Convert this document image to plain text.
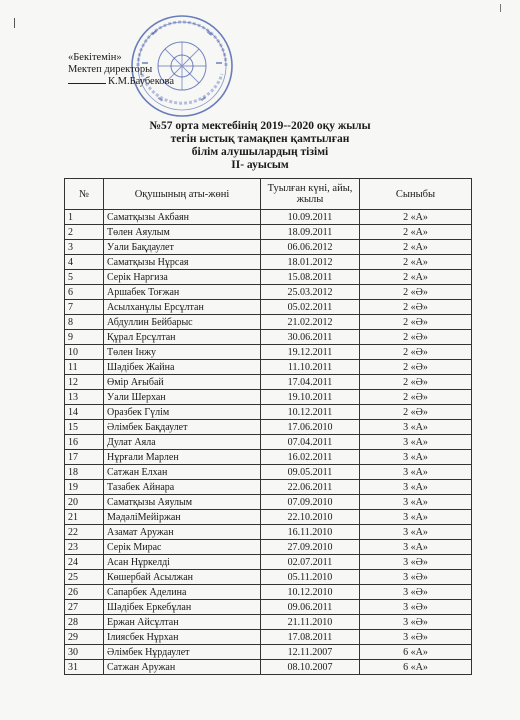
«Бекітемін»
Мектеп директоры
К.М.Баубекова
№57 орта мектебінің 2019--2020 оқу жылы
тегін ыстық тамақпен қамтылған
білім алушылардың тізімі
ІІ- ауысым
№	Оқушының аты-жөні	Туылған күні, айы, жылы	Сыныбы
1	Саматқызы Акбаян	10.09.2011	2 «А»
2	Төлен Аяулым	18.09.2011	2 «А»
3	Уали Бақдаулет	06.06.2012	2 «А»
4	Саматқызы Нұрсая	18.01.2012	2 «А»
5	Серік Наргиза	15.08.2011	2 «А»
6	Аршабек Тоғжан	25.03.2012	2 «Ә»
7	Асылханұлы Ерсұлтан	05.02.2011	2 «Ә»
8	Абдуллин Бейбарыс	21.02.2012	2 «Ә»
9	Құрал Ерсұлтан	30.06.2011	2 «Ә»
10	Төлен Інжу	19.12.2011	2 «Ә»
11	Шәдібек Жайна	11.10.2011	2 «Ә»
12	Өмір Ағыбай	17.04.2011	2 «Ә»
13	Уали Шерхан	19.10.2011	2 «Ә»
14	Оразбек Гүлім	10.12.2011	2 «Ә»
15	Әлімбек Бақдаулет	17.06.2010	3 «А»
16	Дулат Аяла	07.04.2011	3 «А»
17	Нұрғали Марлен	16.02.2011	3 «А»
18	Сатжан Елхан	09.05.2011	3 «А»
19	Тазабек Айнара	22.06.2011	3 «А»
20	Саматқызы Аяулым	07.09.2010	3 «А»
21	МәдәліМейіржан	22.10.2010	3 «А»
22	Азамат Аружан	16.11.2010	3 «А»
23	Серік Мирас	27.09.2010	3 «А»
24	Асан Нұркелді	02.07.2011	3 «Ә»
25	Көшербай Асылжан	05.11.2010	3 «Ә»
26	Сапарбек Аделина	10.12.2010	3 «Ә»
27	Шәдібек Еркебұлан	09.06.2011	3 «Ә»
28	Ержан Айсұлтан	21.11.2010	3 «Ә»
29	Ілиясбек Нұрхан	17.08.2011	3 «Ә»
30	Әлімбек Нұрдаулет	12.11.2007	6 «А»
31	Сатжан Аружан	08.10.2007	6 «А»
